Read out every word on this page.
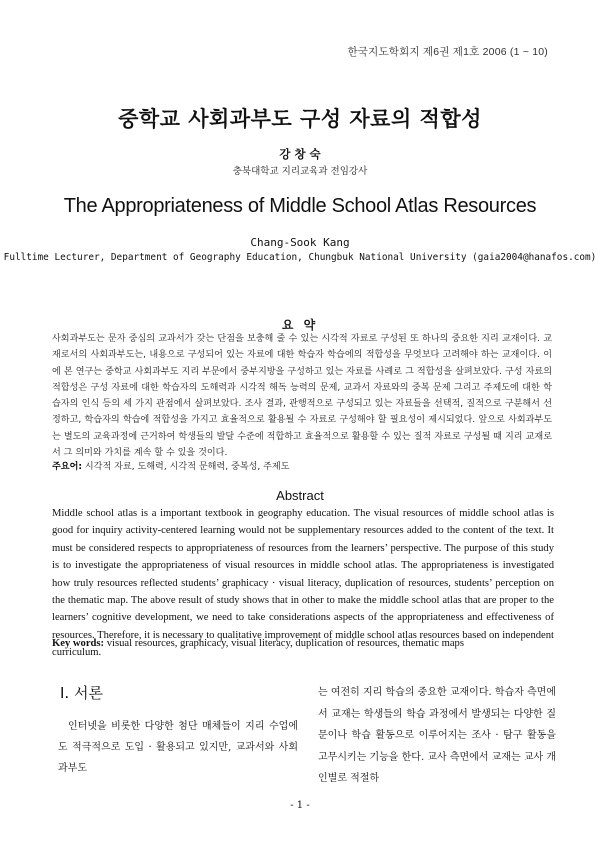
한국지도학회지 제6권 제1호 2006 (1 ~ 10)
중학교 사회과부도 구성 자료의 적합성
강 창 숙
충북대학교 지리교육과 전임강사
The Appropriateness of Middle School Atlas Resources
Chang-Sook Kang
Fulltime Lecturer, Department of Geography Education, Chungbuk National University (gaia2004@hanafos.com)
요 약

사회과부도는 문자 중심의 교과서가 갖는 단점을 보충해 줄 수 있는 시각적 자료로 구성된 또 하나의 중요한 지리 교재이다. 교재로서의 사회과부도는, 내용으로 구성되어 있는 자료에 대한 학습자 학습에의 적합성을 무엇보다 고려해야 하는 교재이다. 이에 본 연구는 중학교 사회과부도 지리 부문에서 중부지방을 구성하고 있는 자료를 사례로 그 적합성을 살펴보았다. 구성 자료의 적합성은 구성 자료에 대한 학습자의 도해력과 시각적 해독 능력의 문제, 교과서 자료와의 중복 문제 그리고 주제도에 대한 학습자의 인식 등의 세 가지 관점에서 살펴보았다. 조사 결과, 관행적으로 구성되고 있는 자료들을 선택적, 질적으로 구분해서 선정하고, 학습자의 학습에 적합성을 가지고 효율적으로 활용될 수 자료로 구성해야 할 필요성이 제시되었다. 앞으로 사회과부도는 별도의 교육과정에 근거하여 학생들의 발달 수준에 적합하고 효율적으로 활용할 수 있는 질적 자료로 구성될 때 지리 교재로서 그 의미와 가치를 계속 할 수 있을 것이다.

주요어: 시각적 자료, 도해력, 시각적 문해력, 중복성, 주제도
Abstract

Middle school atlas is a important textbook in geography education. The visual resources of middle school atlas is good for inquiry activity-centered learning would not be supplementary resources added to the content of the text. It must be considered respects to appropriateness of resources from the learners’ perspective. The purpose of this study is to investigate the appropriateness of visual resources in middle school atlas. The appropriateness is investigated how truly resources reflected students’ graphicacy · visual literacy, duplication of resources, students’ perception on the thematic map. The above result of study shows that in other to make the middle school atlas that are proper to the learners’ cognitive development, we need to take considerations aspects of the appropriateness and effectiveness of resources. Therefore, it is necessary to qualitative improvement of middle school atlas resources based on independent curriculum.

Key words: visual resources, graphicacy, visual literacy, duplication of resources, thematic maps
I. 서론

인터넷을 비롯한 다양한 첨단 매체들이 지리 수업에도 적극적으로 도입 · 활용되고 있지만, 교과서와 사회과부도

는 여전히 지리 학습의 중요한 교재이다. 학습자 측면에서 교재는 학생들의 학습 과정에서 발생되는 다양한 질문이나 학습 활동으로 이루어지는 조사 · 탐구 활동을 고무시키는 기능을 한다. 교사 측면에서 교재는 교사 개인별로 적절하

- 1 -
